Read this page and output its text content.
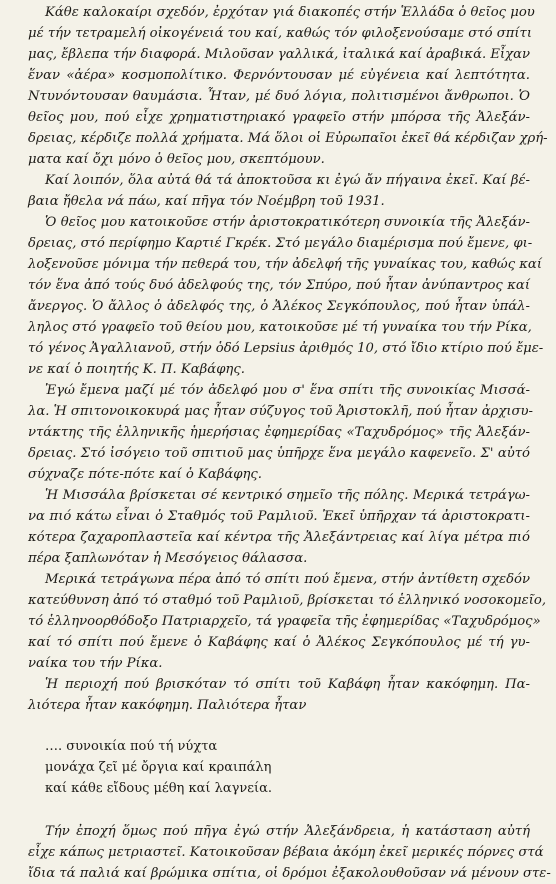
Κάθε καλοκαίρι σχεδόν, ἐρχόταν γιά διακοπές στήν Ἑλλάδα ὁ θεῖος μου
μέ τήν τετραμελή οἰκογένειά του καί, καθώς τόν φιλοξενούσαμε στό σπίτι
μας, ἔβλεπα τήν διαφορά. Μιλοῦσαν γαλλικά, ἰταλικά καί ἀραβικά. Εἶχαν
ἕναν «ἀέρα» κοσμοπολίτικο. Φερνόντουσαν μέ εὐγένεια καί λεπτότητα.
Ντυνόντουσαν θαυμάσια. Ἦταν, μέ δυό λόγια, πολιτισμένοι ἄνθρωποι. Ὁ
θεῖος μου, πού εἶχε χρηματιστηριακό γραφεῖο στήν μπόρσα τῆς Ἀλεξάν-
δρειας, κέρδιζε πολλά χρήματα. Μά ὅλοι οἱ Εὐρωπαῖοι ἐκεῖ θά κέρδιζαν χρή-
ματα καί ὄχι μόνο ὁ θεῖος μου, σκεπτόμουν.
Καί λοιπόν, ὅλα αὐτά θά τά ἀποκτοῦσα κι ἐγώ ἄν πήγαινα ἐκεῖ. Καί βέ-
βαια ἤθελα νά πάω, καί πῆγα τόν Νοέμβρη τοῦ 1931.
Ὁ θεῖος μου κατοικοῦσε στήν ἀριστοκρατικότερη συνοικία τῆς Ἀλεξάν-
δρειας, στό περίφημο Καρτιέ Γκρέκ. Στό μεγάλο διαμέρισμα πού ἔμενε, φι-
λοξενοῦσε μόνιμα τήν πεθερά του, τήν ἀδελφή τῆς γυναίκας του, καθώς καί
τόν ἕνα ἀπό τούς δυό ἀδελφούς της, τόν Σπύρο, πού ἦταν ἀνύπαντρος καί
ἄνεργος. Ὁ ἄλλος ὁ ἀδελφός της, ὁ Ἀλέκος Σεγκόπουλος, πού ἦταν ὑπάλ-
ληλος στό γραφεῖο τοῦ θείου μου, κατοικοῦσε μέ τή γυναίκα του τήν Ρίκα,
τό γένος Ἀγαλλιανοῦ, στήν ὁδό Lepsius ἀριθμός 10, στό ἴδιο κτίριο πού ἔμε-
νε καί ὁ ποιητής Κ. Π. Καβάφης.
Ἐγώ ἔμενα μαζί μέ τόν ἀδελφό μου σ' ἕνα σπίτι τῆς συνοικίας Μισσά-
λα. Ἡ σπιτονοικοκυρά μας ἦταν σύζυγος τοῦ Ἀριστοκλῆ, πού ἦταν ἀρχισυ-
ντάκτης τῆς ἑλληνικῆς ἡμερήσιας ἐφημερίδας «Ταχυδρόμος» τῆς Ἀλεξάν-
δρειας. Στό ἰσόγειο τοῦ σπιτιοῦ μας ὑπῆρχε ἕνα μεγάλο καφενεῖο. Σ' αὐτό
σύχναζε πότε-πότε καί ὁ Καβάφης.
Ἡ Μισσάλα βρίσκεται σέ κεντρικό σημεῖο τῆς πόλης. Μερικά τετράγω-
να πιό κάτω εἶναι ὁ Σταθμός τοῦ Ραμλιοῦ. Ἐκεῖ ὑπῆρχαν τά ἀριστοκρατι-
κότερα ζαχαροπλαστεῖα καί κέντρα τῆς Ἀλεξάντρειας καί λίγα μέτρα πιό
πέρα ξαπλωνόταν ἡ Μεσόγειος θάλασσα.
Μερικά τετράγωνα πέρα ἀπό τό σπίτι πού ἔμενα, στήν ἀντίθετη σχεδόν
κατεύθυνση ἀπό τό σταθμό τοῦ Ραμλιοῦ, βρίσκεται τό ἑλληνικό νοσοκομεῖο,
τό ἑλληνοορθόδοξο Πατριαρχεῖο, τά γραφεῖα τῆς ἐφημερίδας «Ταχυδρόμος»
καί τό σπίτι πού ἔμενε ὁ Καβάφης καί ὁ Ἀλέκος Σεγκόπουλος μέ τή γυ-
ναίκα του τήν Ρίκα.
Ἡ περιοχή πού βρισκόταν τό σπίτι τοῦ Καβάφη ἦταν κακόφημη. Πα-
λιότερα ἦταν κακόφημη. Παλιότερα ἦταν
…. συνοικία πού τή νύχτα
μονάχα ζεῖ μέ ὄργια καί κραιπάλη
καί κάθε εἴδους μέθη καί λαγνεία.
Τήν ἐποχή ὅμως πού πῆγα ἐγώ στήν Ἀλεξάνδρεια, ἡ κατάσταση αὐτή
εἶχε κάπως μετριαστεῖ. Κατοικοῦσαν βέβαια ἀκόμη ἐκεῖ μερικές πόρνες στά
ἴδια τά παλιά καί βρώμικα σπίτια, οἱ δρόμοι ἐξακολουθοῦσαν νά μένουν στε-
